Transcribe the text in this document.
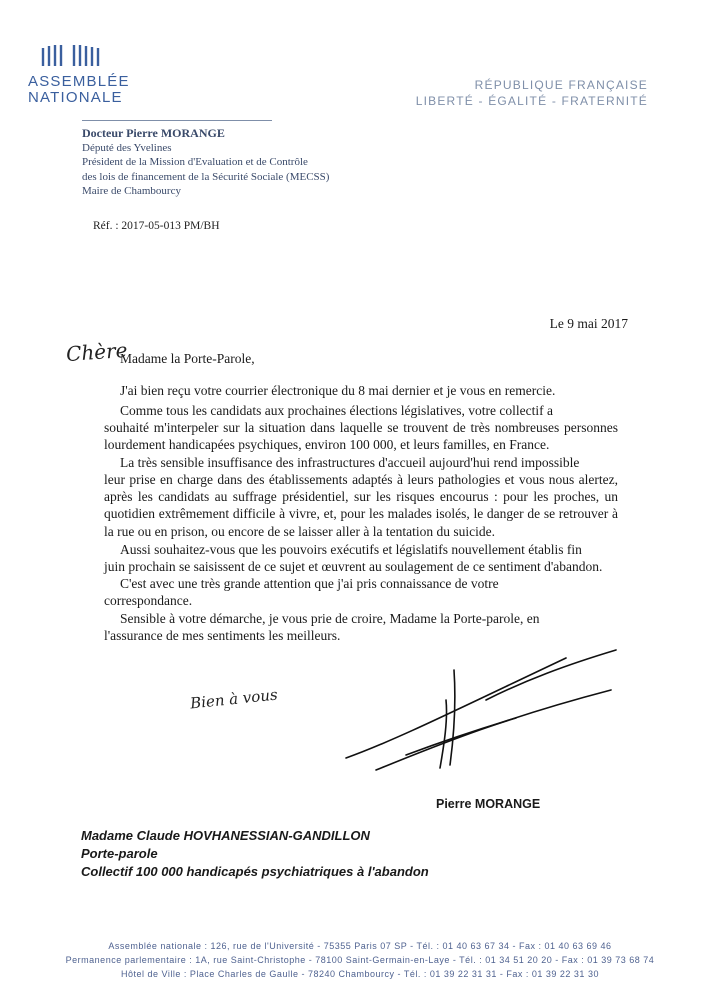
ASSEMBLÉE
NATIONALE
RÉPUBLIQUE FRANÇAISE
LIBERTÉ - ÉGALITÉ - FRATERNITÉ
Docteur Pierre MORANGE
Député des Yvelines
Président de la Mission d'Evaluation et de Contrôle
des lois de financement de la Sécurité Sociale (MECSS)
Maire de Chambourcy
Réf. : 2017-05-013 PM/BH
Le 9 mai 2017
Chère
Madame la Porte-Parole,
J'ai bien reçu votre courrier électronique du 8 mai dernier et je vous en remercie.
Comme tous les candidats aux prochaines élections législatives, votre collectif a
souhaité m'interpeler sur la situation dans laquelle se trouvent de très nombreuses personnes lourdement handicapées psychiques, environ 100 000, et leurs familles, en France.
La très sensible insuffisance des infrastructures d'accueil aujourd'hui rend impossible
leur prise en charge dans des établissements adaptés à leurs pathologies et vous nous alertez, après les candidats au suffrage présidentiel, sur les risques encourus : pour les proches, un quotidien extrêmement difficile à vivre, et, pour les malades isolés, le danger de se retrouver à la rue ou en prison, ou encore de se laisser aller à la tentation du suicide.
Aussi souhaitez-vous que les pouvoirs exécutifs et législatifs nouvellement établis fin
juin prochain se saisissent de ce sujet et œuvrent au soulagement de ce sentiment d'abandon.
C'est avec une très grande attention que j'ai pris connaissance de votre
correspondance.
Sensible à votre démarche, je vous prie de croire, Madame la Porte-parole, en
l'assurance de mes sentiments les meilleurs.
Bien à vous
Pierre MORANGE
Madame Claude HOVHANESSIAN-GANDILLON
Porte-parole
Collectif 100 000 handicapés psychiatriques à l'abandon
Assemblée nationale : 126, rue de l'Université - 75355 Paris 07 SP - Tél. : 01 40 63 67 34 - Fax : 01 40 63 69 46
Permanence parlementaire : 1A, rue Saint-Christophe - 78100 Saint-Germain-en-Laye - Tél. : 01 34 51 20 20 - Fax : 01 39 73 68 74
Hôtel de Ville : Place Charles de Gaulle - 78240 Chambourcy - Tél. : 01 39 22 31 31 - Fax : 01 39 22 31 30
